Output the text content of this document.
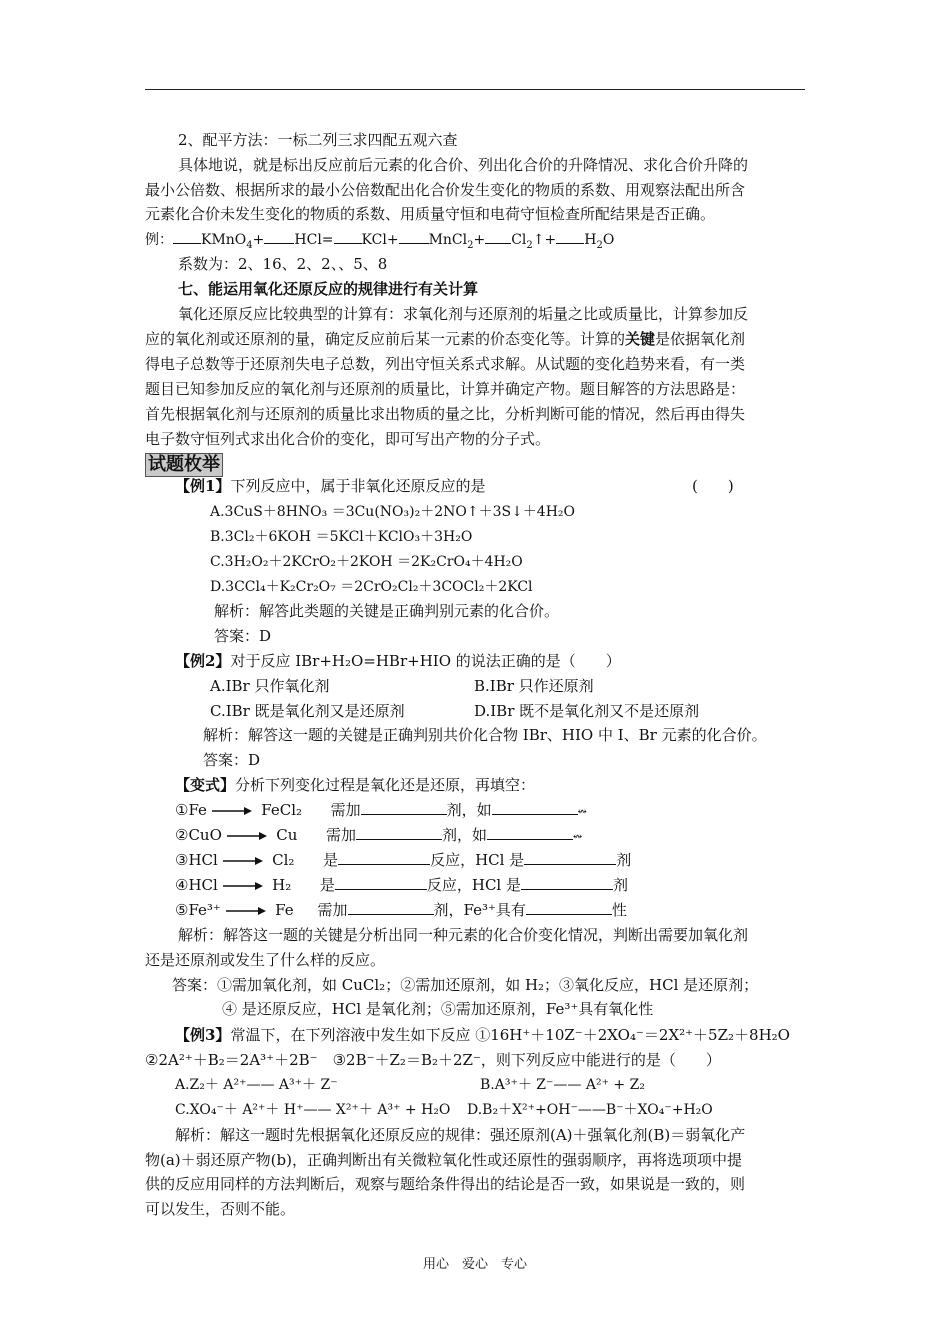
2、配平方法：一标二列三求四配五观六查
具体地说，就是标出反应前后元素的化合价、列出化合价的升降情况、求化合价升降的
最小公倍数、根据所求的最小公倍数配出化合价发生变化的物质的系数、用观察法配出所含
元素化合价未发生变化的物质的系数、用质量守恒和电荷守恒检查所配结果是否正确。
例： KMnO$_4$+ HCl= KCl+ MnCl$_2$+ $Cl_2↑+ H_2O$
系数为：2、16、2、2、、5、8
七、能运用氧化还原反应的规律进行有关计算
氧化还原反应比较典型的计算有：求氧化剂与还原剂的垢量之比或质量比，计算参加反
应的氧化剂或还原剂的量，确定反应前后某一元素的价态变化等。计算的关键是依据氧化剂
得电子总数等于还原剂失电子总数，列出守恒关系式求解。从试题的变化趋势来看，有一类
题目已知参加反应的氧化剂与还原剂的质量比，计算并确定产物。题目解答的方法思路是：
首先根据氧化剂与还原剂的质量比求出物质的量之比，分析判断可能的情况，然后再由得失
电子数守恒列式求出化合价的变化，即可写出产物的分子式。
试题枚举
【例1】下列反应中，属于非氧化还原反应的是	(　　)
A.3CuS＋8HNO₃ ＝3Cu(NO₃)₂＋2NO↑＋3S↓＋4H₂O
B.3Cl₂＋6KOH ＝5KCl＋KClO₃＋3H₂O
C.3H₂O₂＋2KCrO₂＋2KOH ＝2K₂CrO₄＋4H₂O
D.3CCl₄＋K₂Cr₂O₇ ＝2CrO₂Cl₂＋3COCl₂＋2KCl
解析：解答此类题的关键是正确判别元素的化合价。
答案：D
【例2】对于反应 IBr+H₂O=HBr+HIO 的说法正确的是（　　）
A.IBr 只作氧化剂	B.IBr 只作还原剂
C.IBr 既是氧化剂又是还原剂	D.IBr 既不是氧化剂又不是还原剂
解析：解答这一题的关键是正确判别共价化合物 IBr、HIO 中 I、Br 元素的化合价。
答案：D
【变式】分析下列变化过程是氧化还是还原，再填空：
①Fe	FeCl₂ 需加	剂，如	↭
②CuO	Cu 需加	剂，如	↭
③HCl	Cl₂ 是	反应，HCl 是	剂
④HCl	H₂ 是	反应，HCl 是	剂
⑤Fe³⁺	Fe 需加	剂，Fe³⁺具有	性
解析：解答这一题的关键是分析出同一种元素的化合价变化情况，判断出需要加氧化剂
还是还原剂或发生了什么样的反应。
答案：①需加氧化剂，如 CuCl₂；②需加还原剂，如 H₂；③氧化反应，HCl 是还原剂；
④ 是还原反应，HCl 是氧化剂；⑤需加还原剂，Fe³⁺具有氧化性
【例3】常温下，在下列溶液中发生如下反应 ①16H⁺＋10Z⁻＋2XO₄⁻＝2X²⁺＋5Z₂＋8H₂O
②2A²⁺＋B₂＝2A³⁺＋2B⁻　③2B⁻＋Z₂＝B₂＋2Z⁻，则下列反应中能进行的是（　　）
A.Z₂＋ A²⁺—— A³⁺＋ Z⁻	B.A³⁺＋ Z⁻—— A²⁺ + Z₂
C.XO₄⁻＋ A²⁺＋ H⁺—— X²⁺＋ A³⁺ + H₂O D.B₂＋X²⁺+OH⁻——B⁻＋XO₄⁻+H₂O
解析：解这一题时先根据氧化还原反应的规律：强还原剂(A)＋强氧化剂(B)＝弱氧化产
物(a)＋弱还原产物(b)，正确判断出有关微粒氧化性或还原性的强弱顺序，再将选项项中提
供的反应用同样的方法判断后，观察与题给条件得出的结论是否一致，如果说是一致的，则
可以发生，否则不能。
用心　爱心　专心
